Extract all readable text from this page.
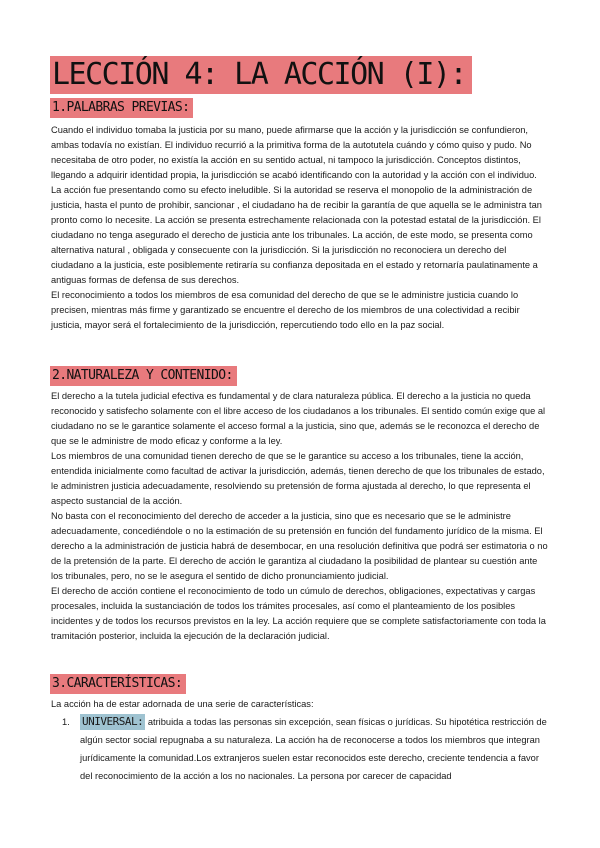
LECCIÓN 4: LA ACCIÓN (I):
1.PALABRAS PREVIAS:

Cuando el individuo tomaba la justicia por su mano, puede afirmarse que la acción y la jurisdicción se confundieron, ambas todavía no existían. El individuo recurrió a la primitiva forma de la autotutela cuándo y cómo quiso y pudo. No necesitaba de otro poder, no existía la acción en su sentido actual, ni tampoco la jurisdicción. Conceptos distintos, llegando a adquirir identidad propia, la jurisdicción se acabó identificando con la autoridad y la acción con el individuo. La acción fue presentando como su efecto ineludible. Si la autoridad se reserva el monopolio de la administración de justicia, hasta el punto de prohibir, sancionar , el ciudadano ha de recibir la garantía de que aquella se le administra tan pronto como lo necesite. La acción se presenta estrechamente relacionada con la potestad estatal de la jurisdicción. El ciudadano no tenga asegurado el derecho de justicia ante los tribunales. La acción, de este modo, se presenta como alternativa natural , obligada y consecuente con la jurisdicción. Si la jurisdicción no reconociera un derecho del ciudadano a la justicia, este posiblemente retiraría su confianza depositada en el estado y retornaría paulatinamente a antiguas formas de defensa de sus derechos.

El reconocimiento a todos los miembros de esa comunidad del derecho de que se le administre justicia cuando lo precisen, mientras más firme y garantizado se encuentre el derecho de los miembros de una colectividad a recibir justicia, mayor será el fortalecimiento de la jurisdicción, repercutiendo todo ello en la paz social.

2.NATURALEZA Y CONTENIDO:

El derecho a la tutela judicial efectiva es fundamental y de clara naturaleza pública. El derecho a la justicia no queda reconocido y satisfecho solamente con el libre acceso de los ciudadanos a los tribunales. El sentido común exige que al ciudadano no se le garantice solamente el acceso formal a la justicia, sino que, además se le reconozca el derecho de que se le administre de modo eficaz y conforme a la ley.

Los miembros de una comunidad tienen derecho de que se le garantice su acceso a los tribunales, tiene la acción, entendida inicialmente como facultad de activar la jurisdicción, además, tienen derecho de que los tribunales de estado, le administren justicia adecuadamente, resolviendo su pretensión de forma ajustada al derecho, lo que representa el aspecto sustancial de la acción.

No basta con el reconocimiento del derecho de acceder a la justicia, sino que es necesario que se le administre adecuadamente, concediéndole o no la estimación de su pretensión en función del fundamento jurídico de la misma. El derecho a la administración de justicia habrá de desembocar, en una resolución definitiva que podrá ser estimatoria o no de la pretensión de la parte. El derecho de acción le garantiza al ciudadano la posibilidad de plantear su cuestión ante los tribunales, pero, no se le asegura el sentido de dicho pronunciamiento judicial.

El derecho de acción contiene el reconocimiento de todo un cúmulo de derechos, obligaciones, expectativas y cargas procesales, incluida la sustanciación de todos los trámites procesales, así como el planteamiento de los posibles incidentes y de todos los recursos previstos en la ley. La acción requiere que se complete satisfactoriamente con toda la tramitación posterior, incluida la ejecución de la declaración judicial.

3.CARACTERÍSTICAS:
La acción ha de estar adornada de una serie de características:
1. UNIVERSAL: atribuida a todas las personas sin excepción, sean físicas o jurídicas. Su hipotética restricción de algún sector social repugnaba a su naturaleza. La acción ha de reconocerse a todos los miembros que integran jurídicamente la comunidad.Los extranjeros suelen estar reconocidos este derecho, creciente tendencia a favor del reconocimiento de la acción a los no nacionales. La persona por carecer de capacidad
